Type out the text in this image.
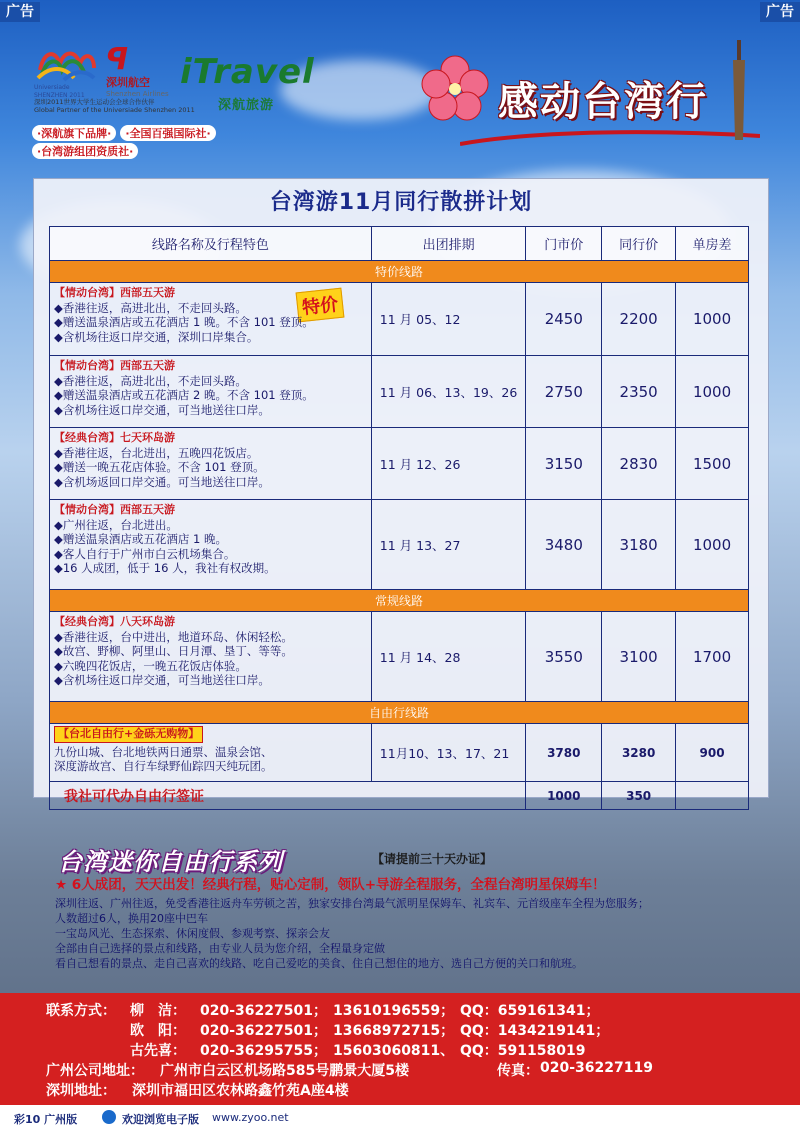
广告	广告
ꟼ
深圳航空
Shenzhen Airlines
iTravel
深航旅游
Universiade SHENZHEN 2011
深圳2011世界大学生运动会全球合作伙伴
Global Partner of the Universiade Shenzhen 2011
·深航旗下品牌· ·全国百强国际社·
·台湾游组团资质社·
感动台湾行
台湾游11月同行散拼计划
特价
线路名称及行程特色	出团排期	门市价	同行价	单房差
特价线路				
【情动台湾】西部五天游
◆香港往返，高进北出，不走回头路。
◆赠送温泉酒店或五花酒店 1 晚。不含 101 登顶。
◆含机场往返口岸交通，深圳口岸集合。	11 月 05、12	2450	2200	1000
【情动台湾】西部五天游
◆香港往返，高进北出，不走回头路。
◆赠送温泉酒店或五花酒店 2 晚。不含 101 登顶。
◆含机场往返口岸交通，可当地送往口岸。	11 月 06、13、19、26	2750	2350	1000
【经典台湾】七天环岛游
◆香港往返，台北进出，五晚四花饭店。
◆赠送一晚五花店体验。不含 101 登顶。
◆含机场返回口岸交通。可当地送往口岸。	11 月 12、26	3150	2830	1500
【情动台湾】西部五天游
◆广州往返，台北进出。
◆赠送温泉酒店或五花酒店 1 晚。
◆客人自行于广州市白云机场集合。
◆16 人成团，低于 16 人，我社有权改期。	11 月 13、27	3480	3180	1000
常规线路				
【经典台湾】八天环岛游
◆香港往返，台中进出，地道环岛、休闲轻松。
◆故宫、野柳、阿里山、日月潭、垦丁、等等。
◆六晚四花饭店，一晚五花饭店体验。
◆含机场往返口岸交通，可当地送往口岸。	11 月 14、28	3550	3100	1700
自由行线路				
【台北自由行+金砾无购物】
九份山城、台北地铁两日通票、温泉会馆、
深度游故宫、自行车绿野仙踪四天纯玩团。	11月10、13、17、21	3780	3280	900
我社可代办自由行签证		1000	350	
台湾迷你自由行系列	【请提前三十天办证】
★ 6人成团，天天出发！经典行程，贴心定制，领队+导游全程服务，全程台湾明星保姆车！
深圳往返、广州往返，免受香港往返舟车劳顿之苦，独家安排台湾最气派明星保姆车、礼宾车、元首级座车全程为您服务；
人数超过6人，换用20座中巴车
一宝岛风光、生态探索、休闲度假、参观考察、探亲会友
全部由自己选择的景点和线路，由专业人员为您介绍，全程量身定做
看自己想看的景点、走自己喜欢的线路、吃自己爱吃的美食、住自己想住的地方、选自己方便的关口和航班。
联系方式： 柳　洁： 020-36227501； 13610196559； QQ：659161341；
欧　阳： 020-36227501； 13668972715； QQ：1434219141；
古先喜： 020-36295755； 15603060811、 QQ：591158019
广州公司地址： 广州市白云区机场路585号鹏景大厦5楼	传真： 020-36227119
深圳地址： 深圳市福田区农林路鑫竹苑A座4楼
彩10 广州版	欢迎浏览电子版 www.zyoo.net
